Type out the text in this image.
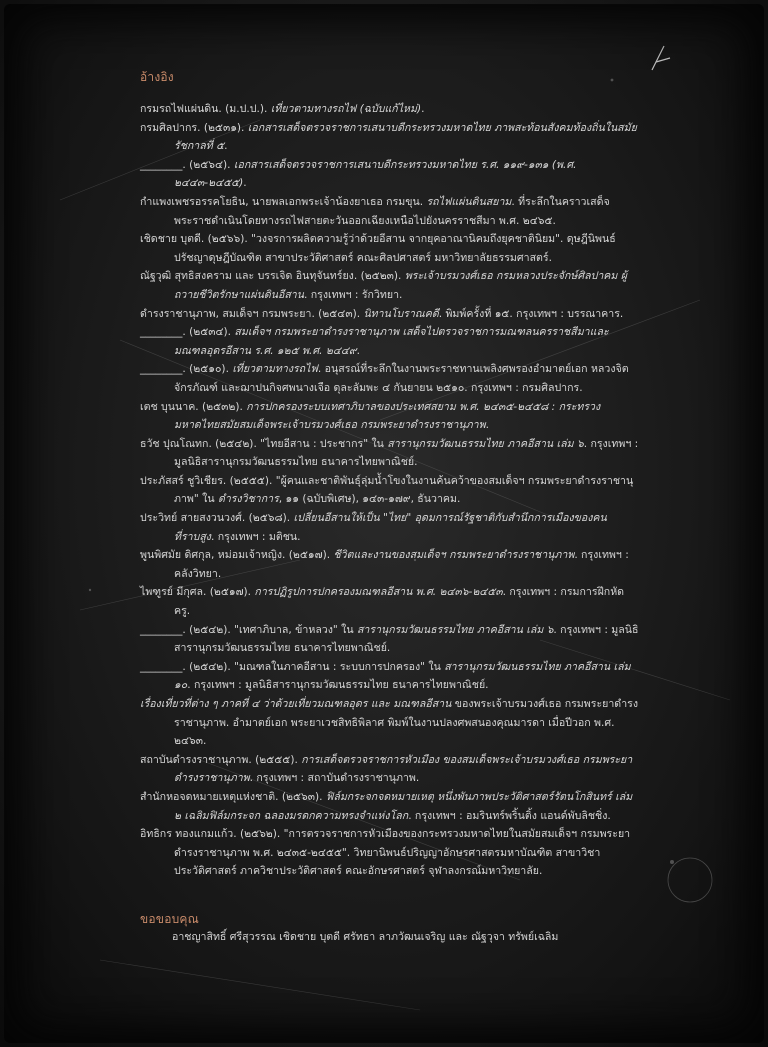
อ้างอิง
กรมรถไฟแผ่นดิน. (ม.ป.ป.). เที่ยวตามทางรถไฟ (ฉบับแก้ไหม่).
กรมศิลปากร. (๒๕๓๑). เอกสารเสด็จตรวจราชการเสนาบดีกระทรวงมหาดไทย ภาพสะท้อนสังคมท้องถิ่นในสมัยรัชกาลที่ ๕.
________. (๒๕๖๔). เอกสารเสด็จตรวจราชการเสนาบดีกระทรวงมหาดไทย ร.ศ. ๑๑๙-๑๓๑ (พ.ศ. ๒๔๔๓-๒๔๕๕).
กำแพงเพชรอรรคโยธิน, นายพลเอกพระเจ้าน้องยาเธอ กรมขุน. รถไฟแผ่นดินสยาม. ที่ระลึกในคราวเสด็จพระราชดำเนินโดยทางรถไฟสายตะวันออกเฉียงเหนือไปยังนครราชสีมา พ.ศ. ๒๔๖๕.
เชิดชาย บุตดี. (๒๕๖๖). "วงจรการผลิตความรู้ว่าด้วยอีสาน จากยุคอาณานิคมถึงยุคชาตินิยม". ดุษฎีนิพนธ์ปรัชญาดุษฎีบัณฑิต สาขาประวัติศาสตร์ คณะศิลปศาสตร์ มหาวิทยาลัยธรรมศาสตร์.
ณัฐวุฒิ สุทธิสงคราม และ บรรเจิด อินทุจันทร์ยง. (๒๕๒๓). พระเจ้าบรมวงศ์เธอ กรมหลวงประจักษ์ศิลปาคม ผู้ถวายชีวิตรักษาแผ่นดินอีสาน. กรุงเทพฯ : รักวิทยา.
ดำรงราชานุภาพ, สมเด็จฯ กรมพระยา. (๒๕๔๓). นิทานโบราณคดี. พิมพ์ครั้งที่ ๑๕. กรุงเทพฯ : บรรณาคาร.
________. (๒๕๓๔). สมเด็จฯ กรมพระยาดำรงราชานุภาพ เสด็จไปตรวจราชการมณฑลนครราชสีมาและมณฑลอุดรอีสาน ร.ศ. ๑๒๕ พ.ศ. ๒๔๔๙.
________. (๒๕๑๐). เที่ยวตามทางรถไฟ. อนุสรณ์ที่ระลึกในงานพระราชทานเพลิงศพรองอำมาตย์เอก หลวงจิตจักรภัณฑ์ และฌาปนกิจศพนางเจือ ดุละลัมพะ ๔ กันยายน ๒๕๑๐. กรุงเทพฯ : กรมศิลปากร.
เตช บุนนาค. (๒๕๓๒). การปกครองระบบเทศาภิบาลของประเทศสยาม พ.ศ. ๒๔๓๕-๒๔๕๘ : กระทรวงมหาดไทยสมัยสมเด็จพระเจ้าบรมวงศ์เธอ กรมพระยาดำรงราชานุภาพ.
ธวัช ปุณโณทก. (๒๕๔๒). "ไทยอีสาน : ประชากร" ใน สารานุกรมวัฒนธรรมไทย ภาคอีสาน เล่ม ๖. กรุงเทพฯ : มูลนิธิสารานุกรมวัฒนธรรมไทย ธนาคารไทยพาณิชย์.
ประภัสสร์ ชูวิเชียร. (๒๕๕๕). "ผู้คนและชาติพันธุ์ลุ่มน้ำโขงในงานค้นคว้าของสมเด็จฯ กรมพระยาดำรงราชานุภาพ" ใน ดำรงวิชาการ, ๑๑ (ฉบับพิเศษ), ๑๔๓-๑๗๙, ธันวาคม.
ประวิทย์ สายสงวนวงศ์. (๒๕๖๘). เปลี่ยนอีสานให้เป็น "ไทย" อุดมการณ์รัฐชาติกับสำนึกการเมืองของคนที่ราบสูง. กรุงเทพฯ : มติชน.
พูนพิศมัย ดิศกุล, หม่อมเจ้าหญิง. (๒๕๑๗). ชีวิตและงานของสมเด็จฯ กรมพระยาดำรงราชานุภาพ. กรุงเทพฯ : คลังวิทยา.
ไพฑูรย์ มีกุศล. (๒๕๑๗). การปฏิรูปการปกครองมณฑลอีสาน พ.ศ. ๒๔๓๖-๒๔๕๓. กรุงเทพฯ : กรมการฝึกหัดครู.
________. (๒๕๔๒). "เทศาภิบาล, ข้าหลวง" ใน สารานุกรมวัฒนธรรมไทย ภาคอีสาน เล่ม ๖. กรุงเทพฯ : มูลนิธิสารานุกรมวัฒนธรรมไทย ธนาคารไทยพาณิชย์.
________. (๒๕๔๒). "มณฑลในภาคอีสาน : ระบบการปกครอง" ใน สารานุกรมวัฒนธรรมไทย ภาคอีสาน เล่ม ๑๐. กรุงเทพฯ : มูลนิธิสารานุกรมวัฒนธรรมไทย ธนาคารไทยพาณิชย์.
เรื่องเที่ยวที่ต่าง ๆ ภาคที่ ๔ ว่าด้วยเที่ยวมณฑลอุดร และ มณฑลอีสาน ของพระเจ้าบรมวงศ์เธอ กรมพระยาดำรงราชานุภาพ. อำมาตย์เอก พระยาเวชสิทธิพิลาศ พิมพ์ในงานปลงศพสนองคุณมารดา เมื่อปีวอก พ.ศ. ๒๔๖๓.
สถาบันดำรงราชานุภาพ. (๒๕๕๕). การเสด็จตรวจราชการหัวเมือง ของสมเด็จพระเจ้าบรมวงศ์เธอ กรมพระยาดำรงราชานุภาพ. กรุงเทพฯ : สถาบันดำรงราชานุภาพ.
สำนักหอจดหมายเหตุแห่งชาติ. (๒๕๖๓). ฟิล์มกระจกจดหมายเหตุ หนึ่งพันภาพประวัติศาสตร์รัตนโกสินทร์ เล่ม ๒ เฉลิมฟิล์มกระจก ฉลองมรดกความทรงจำแห่งโลก. กรุงเทพฯ : อมรินทร์พริ้นติ้ง แอนด์พับลิชชิ่ง.
อิทธิกร ทองแกมแก้ว. (๒๕๖๒). "การตรวจราชการหัวเมืองของกระทรวงมหาดไทยในสมัยสมเด็จฯ กรมพระยาดำรงราชานุภาพ พ.ศ. ๒๔๓๕-๒๔๕๕". วิทยานิพนธ์ปริญญาอักษรศาสตรมหาบัณฑิต สาขาวิชาประวัติศาสตร์ ภาควิชาประวัติศาสตร์ คณะอักษรศาสตร์ จุฬาลงกรณ์มหาวิทยาลัย.
ขอขอบคุณ
อาชญาสิทธิ์ ศรีสุวรรณ เชิดชาย บุตดี ศรัทธา ลาภวัฒนเจริญ และ ณัฐวุจา ทรัพย์เฉลิม
